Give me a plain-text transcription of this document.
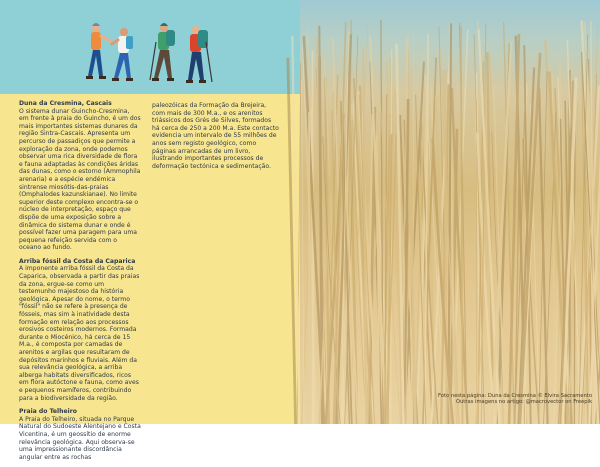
Duna da Cresmina, Cascais
O sistema dunar Guincho-Cresmina, em frente à praia do Guincho, é um dos mais importantes sistemas dunares da região Sintra-Cascais. Apresenta um percurso de passadiços que permite a exploração da zona, onde podemos observar uma rica diversidade de flora e fauna adaptadas às condições áridas das dunas, como o estorno (Ammophila arenaria) e a espécie endémica sintrense miosótis-das-praias (Omphalodes kazunskianae). No limite superior deste complexo encontra-se o núcleo de interpretação, espaço que dispõe de uma exposição sobre a dinâmica do sistema dunar e onde é possível fazer uma paragem para uma pequena refeição servida com o oceano ao fundo.
Arriba fóssil da Costa da Caparica
A imponente arriba fóssil da Costa da Caparica, observada a partir das praias da zona, ergue-se como um testemunho majestoso da história geológica. Apesar do nome, o termo "fóssil" não se refere à presença de fósseis, mas sim à inatividade desta formação em relação aos processos erosivos costeiros modernos. Formada durante o Miocénico, há cerca de 15 M.a., é composta por camadas de arenitos e argilas que resultaram de depósitos marinhos e fluviais. Além da sua relevância geológica, a arriba alberga habitats diversificados, ricos em flora autóctone e fauna, como aves e pequenos mamíferos, contribuindo para a biodiversidade da região.
Praia do Telheiro
A Praia do Telheiro, situada no Parque Natural do Sudoeste Alentejano e Costa Vicentina, é um geossítio de enorme relevância geológica. Aqui observa-se uma impressionante discordância angular entre as rochas
paleozóicas da Formação da Brejeira, com mais de 300 M.a., e os arenitos triássicos dos Grés de Silves, formados há cerca de 250 a 200 M.a. Este contacto evidencia um intervalo de 55 milhões de anos sem registo geológico, como páginas arrancadas de um livro, ilustrando importantes processos de deformação tectónica e sedimentação.
Foto nesta página: Duna da Cresmina © Elvira Sacramento
Outras imagens no artigo: @macrovector on Freepik
